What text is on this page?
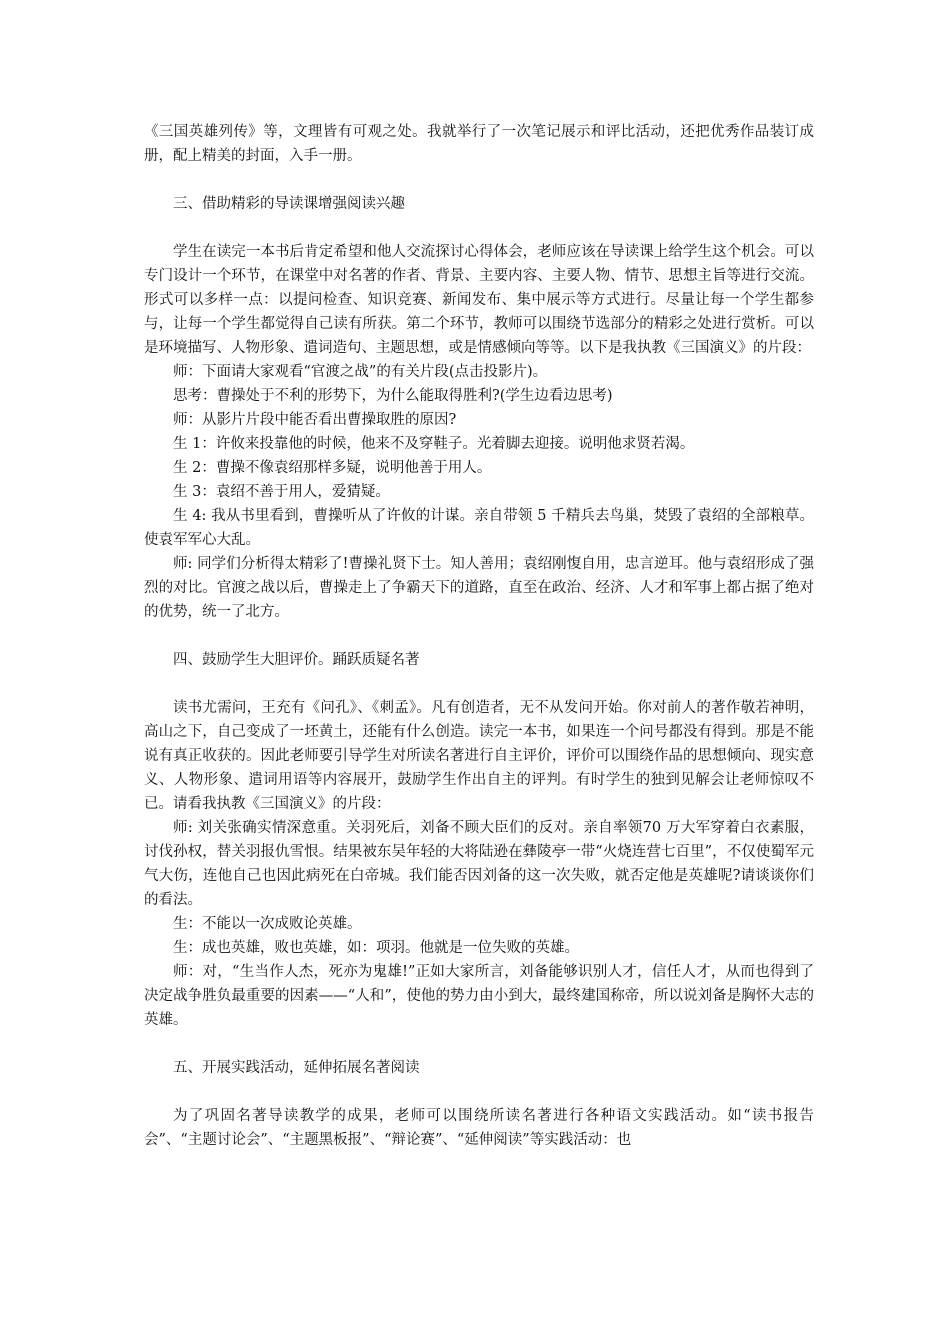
《三国英雄列传》等，文理皆有可观之处。我就举行了一次笔记展示和评比活动，还把优秀作品装订成册，配上精美的封面，入手一册。

三、借助精彩的导读课增强阅读兴趣

学生在读完一本书后肯定希望和他人交流探讨心得体会，老师应该在导读课上给学生这个机会。可以专门设计一个环节，在课堂中对名著的作者、背景、主要内容、主要人物、情节、思想主旨等进行交流。形式可以多样一点：以提问检查、知识竞赛、新闻发布、集中展示等方式进行。尽量让每一个学生都参与，让每一个学生都觉得自己读有所获。第二个环节，教师可以围绕节选部分的精彩之处进行赏析。可以是环境描写、人物形象、遣词造句、主题思想，或是情感倾向等等。以下是我执教《三国演义》的片段：

师：下面请大家观看“官渡之战”的有关片段(点击投影片)。

思考：曹操处于不利的形势下，为什么能取得胜利?(学生边看边思考)

师：从影片片段中能否看出曹操取胜的原因?

生 1：许攸来投靠他的时候，他来不及穿鞋子。光着脚去迎接。说明他求贤若渴。

生 2：曹操不像袁绍那样多疑，说明他善于用人。

生 3：袁绍不善于用人，爱猜疑。

生 4: 我从书里看到，曹操听从了许攸的计谋。亲自带领 5 千精兵去鸟巢，焚毁了袁绍的全部粮草。使袁军军心大乱。

师: 同学们分析得太精彩了!曹操礼贤下士。知人善用；袁绍刚愎自用，忠言逆耳。他与袁绍形成了强烈的对比。官渡之战以后，曹操走上了争霸天下的道路，直至在政治、经济、人才和军事上都占据了绝对的优势，统一了北方。

四、鼓励学生大胆评价。踊跃质疑名著

读书尤需问，王充有《问孔》、《刺孟》。凡有创造者，无不从发问开始。你对前人的著作敬若神明，高山之下，自己变成了一坯黄土，还能有什么创造。读完一本书，如果连一个问号都没有得到。那是不能说有真正收获的。因此老师要引导学生对所读名著进行自主评价，评价可以围绕作品的思想倾向、现实意义、人物形象、遣词用语等内容展开，鼓励学生作出自主的评判。有时学生的独到见解会让老师惊叹不已。请看我执教《三国演义》的片段：

师: 刘关张确实情深意重。关羽死后，刘备不顾大臣们的反对。亲自率领70 万大军穿着白衣素服，讨伐孙权，替关羽报仇雪恨。结果被东吴年轻的大将陆逊在彝陵亭一带“火烧连营七百里”，不仅使蜀军元气大伤，连他自己也因此病死在白帝城。我们能否因刘备的这一次失败，就否定他是英雄呢?请谈谈你们的看法。

生：不能以一次成败论英雄。

生：成也英雄，败也英雄，如：项羽。他就是一位失败的英雄。

师：对，“生当作人杰，死亦为鬼雄!”正如大家所言，刘备能够识别人才，信任人才，从而也得到了决定战争胜负最重要的因素——“人和”，使他的势力由小到大，最终建国称帝，所以说刘备是胸怀大志的英雄。

五、开展实践活动，延伸拓展名著阅读

为了巩固名著导读教学的成果，老师可以围绕所读名著进行各种语文实践活动。如“读书报告会”、“主题讨论会”、“主题黑板报”、“辩论赛”、“延伸阅读”等实践活动：也
